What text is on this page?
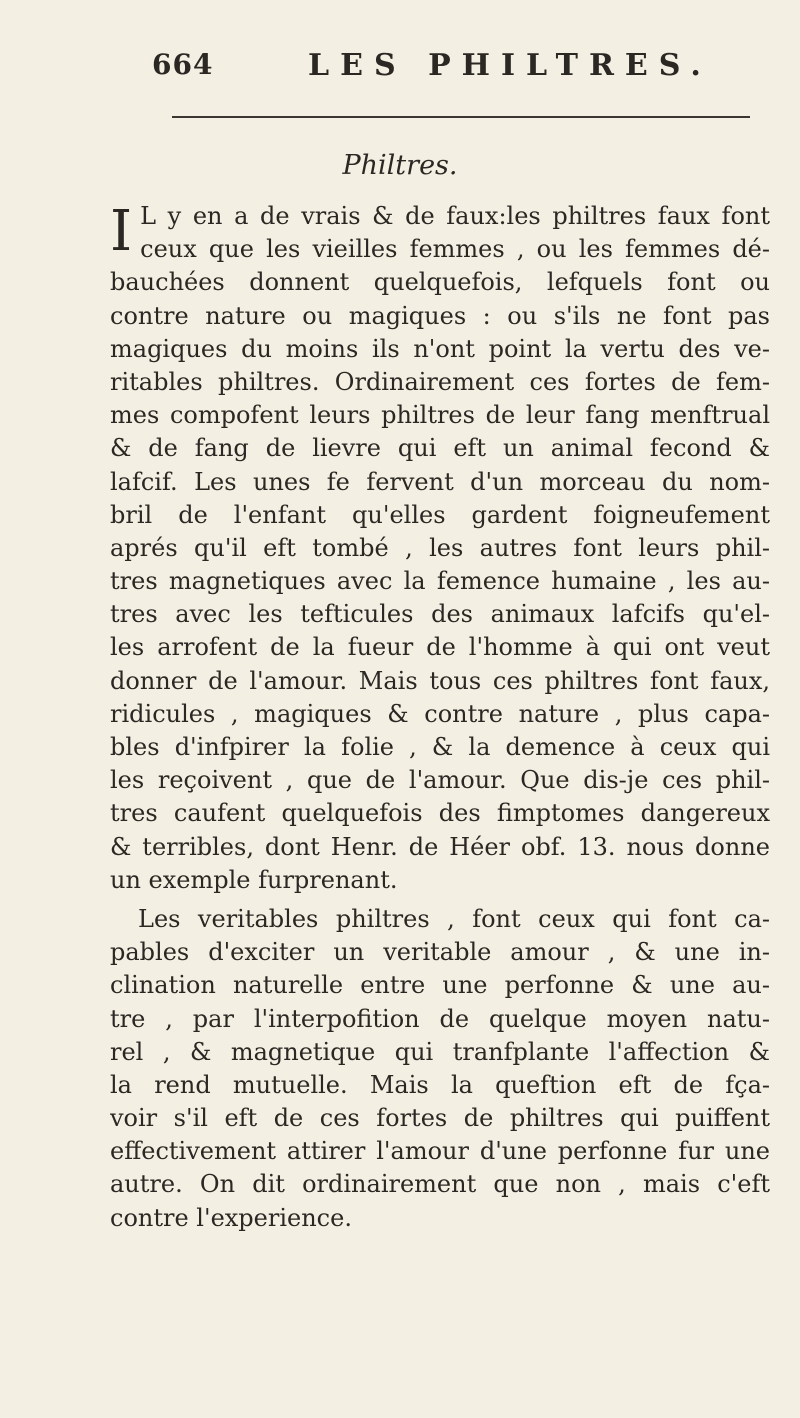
664	LES PHILTRES.
Philtres.
I L y en a de vrais & de faux:les philtres faux font
ceux que les vieilles femmes , ou les femmes dé-
bauchées donnent quelquefois, lefquels font ou
contre nature ou magiques : ou s'ils ne font pas
magiques du moins ils n'ont point la vertu des ve-
ritables philtres. Ordinairement ces fortes de fem-
mes compofent leurs philtres de leur fang menftrual
& de fang de lievre qui eft un animal fecond &
lafcif. Les unes fe fervent d'un morceau du nom-
bril de l'enfant qu'elles gardent foigneufement
aprés qu'il eft tombé , les autres font leurs phil-
tres magnetiques avec la femence humaine , les au-
tres avec les tefticules des animaux lafcifs qu'el-
les arrofent de la fueur de l'homme à qui ont veut
donner de l'amour. Mais tous ces philtres font faux,
ridicules , magiques & contre nature , plus capa-
bles d'infpirer la folie , & la demence à ceux qui
les reçoivent , que de l'amour. Que dis-je ces phil-
tres caufent quelquefois des fimptomes dangereux
& terribles, dont Henr. de Héer obf. 13. nous donne
un exemple furprenant.
Les veritables philtres , font ceux qui font ca-
pables d'exciter un veritable amour , & une in-
clination naturelle entre une perfonne & une au-
tre , par l'interpofition de quelque moyen natu-
rel , & magnetique qui tranfplante l'affection &
la rend mutuelle. Mais la queftion eft de fça-
voir s'il eft de ces fortes de philtres qui puiffent
effectivement attirer l'amour d'une perfonne fur une
autre. On dit ordinairement que non , mais c'eft
contre l'experience.
